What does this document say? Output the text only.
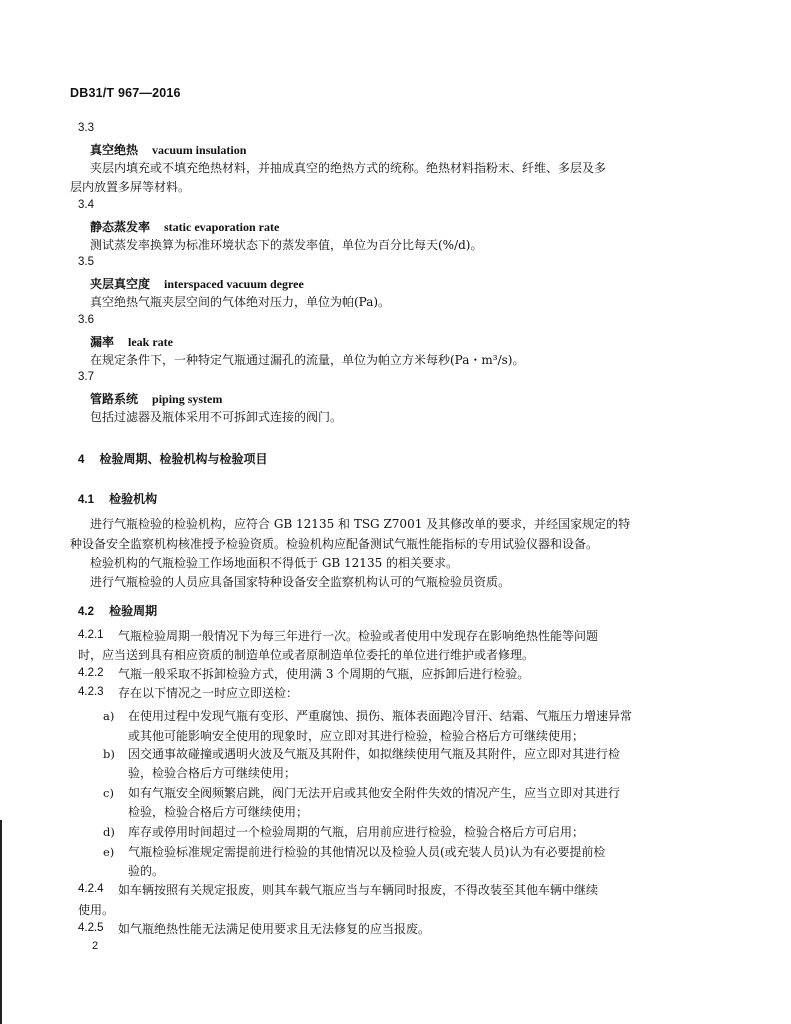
DB31/T 967—2016
3.3
真空绝热 vacuum insulation
夹层内填充或不填充绝热材料，并抽成真空的绝热方式的统称。绝热材料指粉末、纤维、多层及多
层内放置多屏等材料。
3.4
静态蒸发率 static evaporation rate
测试蒸发率换算为标准环境状态下的蒸发率值，单位为百分比每天(%/d)。
3.5
夹层真空度 interspaced vacuum degree
真空绝热气瓶夹层空间的气体绝对压力，单位为帕(Pa)。
3.6
漏率 leak rate
在规定条件下，一种特定气瓶通过漏孔的流量，单位为帕立方米每秒(Pa・m³/s)。
3.7
管路系统 piping system
包括过滤器及瓶体采用不可拆卸式连接的阀门。
4 检验周期、检验机构与检验项目
4.1 检验机构
进行气瓶检验的检验机构，应符合 GB 12135 和 TSG Z7001 及其修改单的要求，并经国家规定的特
种设备安全监察机构核准授予检验资质。检验机构应配备测试气瓶性能指标的专用试验仪器和设备。
检验机构的气瓶检验工作场地面积不得低于 GB 12135 的相关要求。
进行气瓶检验的人员应具备国家特种设备安全监察机构认可的气瓶检验员资质。
4.2 检验周期
4.2.1 气瓶检验周期一般情况下为每三年进行一次。检验或者使用中发现存在影响绝热性能等问题
时，应当送到具有相应资质的制造单位或者原制造单位委托的单位进行维护或者修理。
4.2.2 气瓶一般采取不拆卸检验方式，使用满 3 个周期的气瓶，应拆卸后进行检验。
4.2.3 存在以下情况之一时应立即送检：
a) 在使用过程中发现气瓶有变形、严重腐蚀、损伤、瓶体表面跑冷冒汗、结霜、气瓶压力增速异常
或其他可能影响安全使用的现象时，应立即对其进行检验，检验合格后方可继续使用；
b) 因交通事故碰撞或遇明火波及气瓶及其附件，如拟继续使用气瓶及其附件，应立即对其进行检
验，检验合格后方可继续使用；
c) 如有气瓶安全阀频繁启跳，阀门无法开启或其他安全附件失效的情况产生，应当立即对其进行
检验，检验合格后方可继续使用；
d) 库存或停用时间超过一个检验周期的气瓶，启用前应进行检验，检验合格后方可启用；
e) 气瓶检验标准规定需提前进行检验的其他情况以及检验人员(或充装人员)认为有必要提前检
验的。
4.2.4 如车辆按照有关规定报废，则其车载气瓶应当与车辆同时报废，不得改装至其他车辆中继续
使用。
4.2.5 如气瓶绝热性能无法满足使用要求且无法修复的应当报废。
2
